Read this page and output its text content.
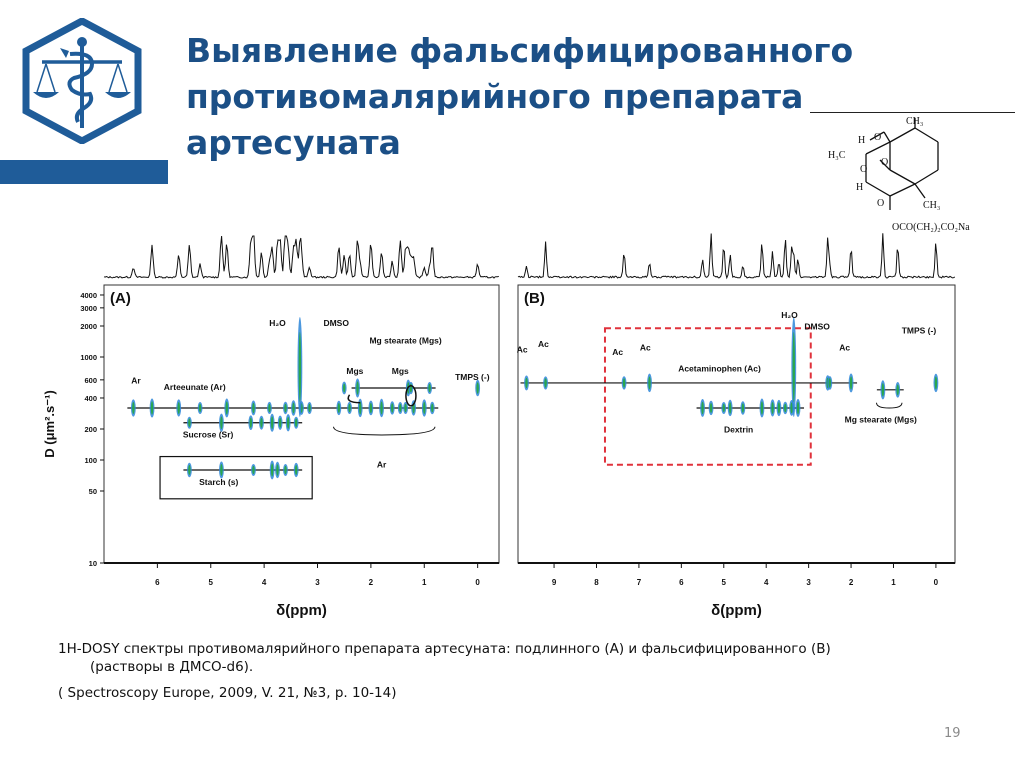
Выявление фальсифицированного
противомалярийного препарата
артесуната
(A)
6	5	4	3	2	1	0
4000
3000
2000
1000
600
400
200
100
50
10
D (μm².s⁻¹)
δ(ppm)
Ar
Arteeunate (Ar)
H₂O	DMSO
Mg stearate (Mgs)
Mgs	Mgs
TMPS (-)
Sucrose (Sr)
Starch (s)
Ar
(B)
9	8	7	6	5	4	3	2	1	0
δ(ppm)
Ac
Ac
Ac Ac
Acetaminophen (Ac)
H₂O
DMSO
Ac
TMPS (-)
Dextrin
Mg stearate (Mgs)
CH₃
H₃C
H O
O
O
H
O	CH₃
OCO(CH₂)₂CO₂Na

1H-DOSY спектры противомалярийного препарата артесуната: подлинного (А) и фальсифицированного (В)

(растворы в ДМСО-d6).

( Spectroscopy Europe, 2009, V. 21, №3, p. 10-14)

19
